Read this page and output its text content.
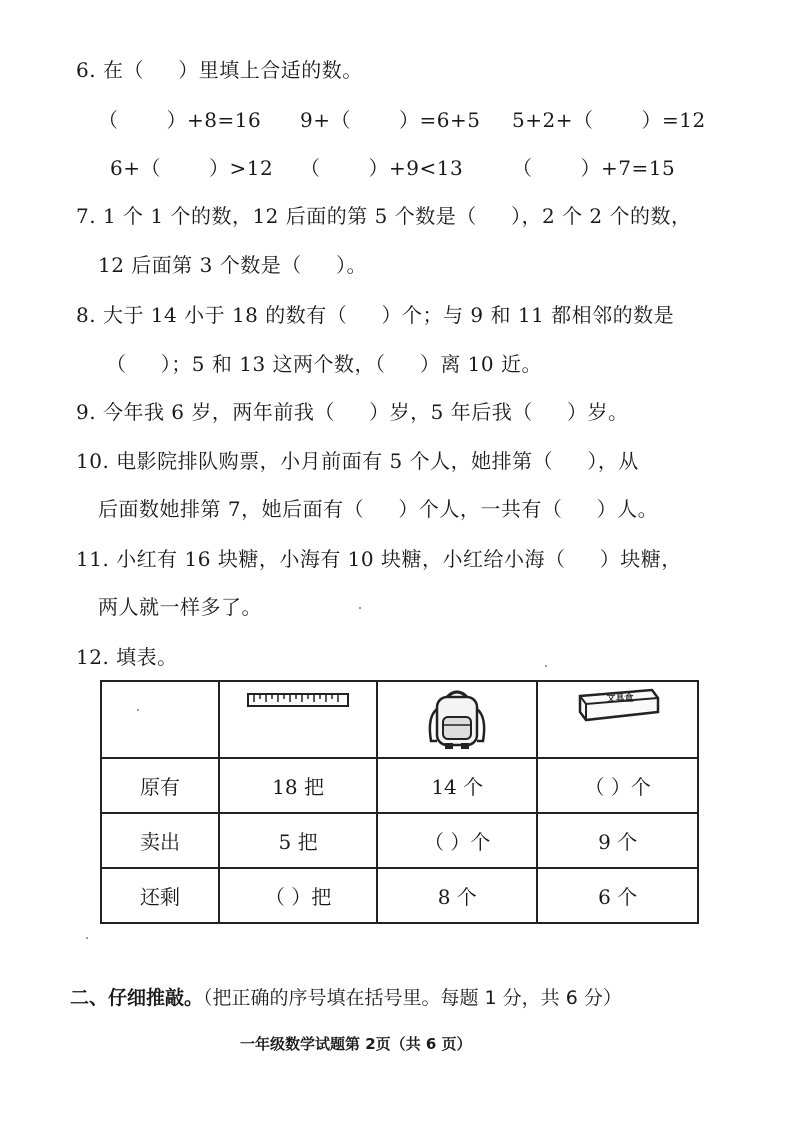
6. 在（     ）里填上合适的数。
（       ）+8=16 9+（       ）=6+5 5+2+（       ）=12
6+（       ）>12 （       ）+9<13 （       ）+7=15
7. 1 个 1 个的数，12 后面的第 5 个数是（     ），2 个 2 个的数，
12 后面第 3 个数是（     ）。
8. 大于 14 小于 18 的数有（     ）个；与 9 和 11 都相邻的数是
（     ）；5 和 13 这两个数，（     ）离 10 近。
9. 今年我 6 岁，两年前我（     ）岁，5 年后我（     ）岁。
10. 电影院排队购票，小月前面有 5 个人，她排第（     ），从
后面数她排第 7，她后面有（     ）个人，一共有（     ）人。
11. 小红有 16 块糖，小海有 10 块糖，小红给小海（     ）块糖，
两人就一样多了。
12. 填表。

文具盒

原有	18 把	14 个	（ ）个
卖出	5 把	（ ）个	9 个
还剩	（ ）把	8 个	6 个
二、仔细推敲。（把正确的序号填在括号里。每题 1 分，共 6 分）
一年级数学试题第 2页（共 6 页）
